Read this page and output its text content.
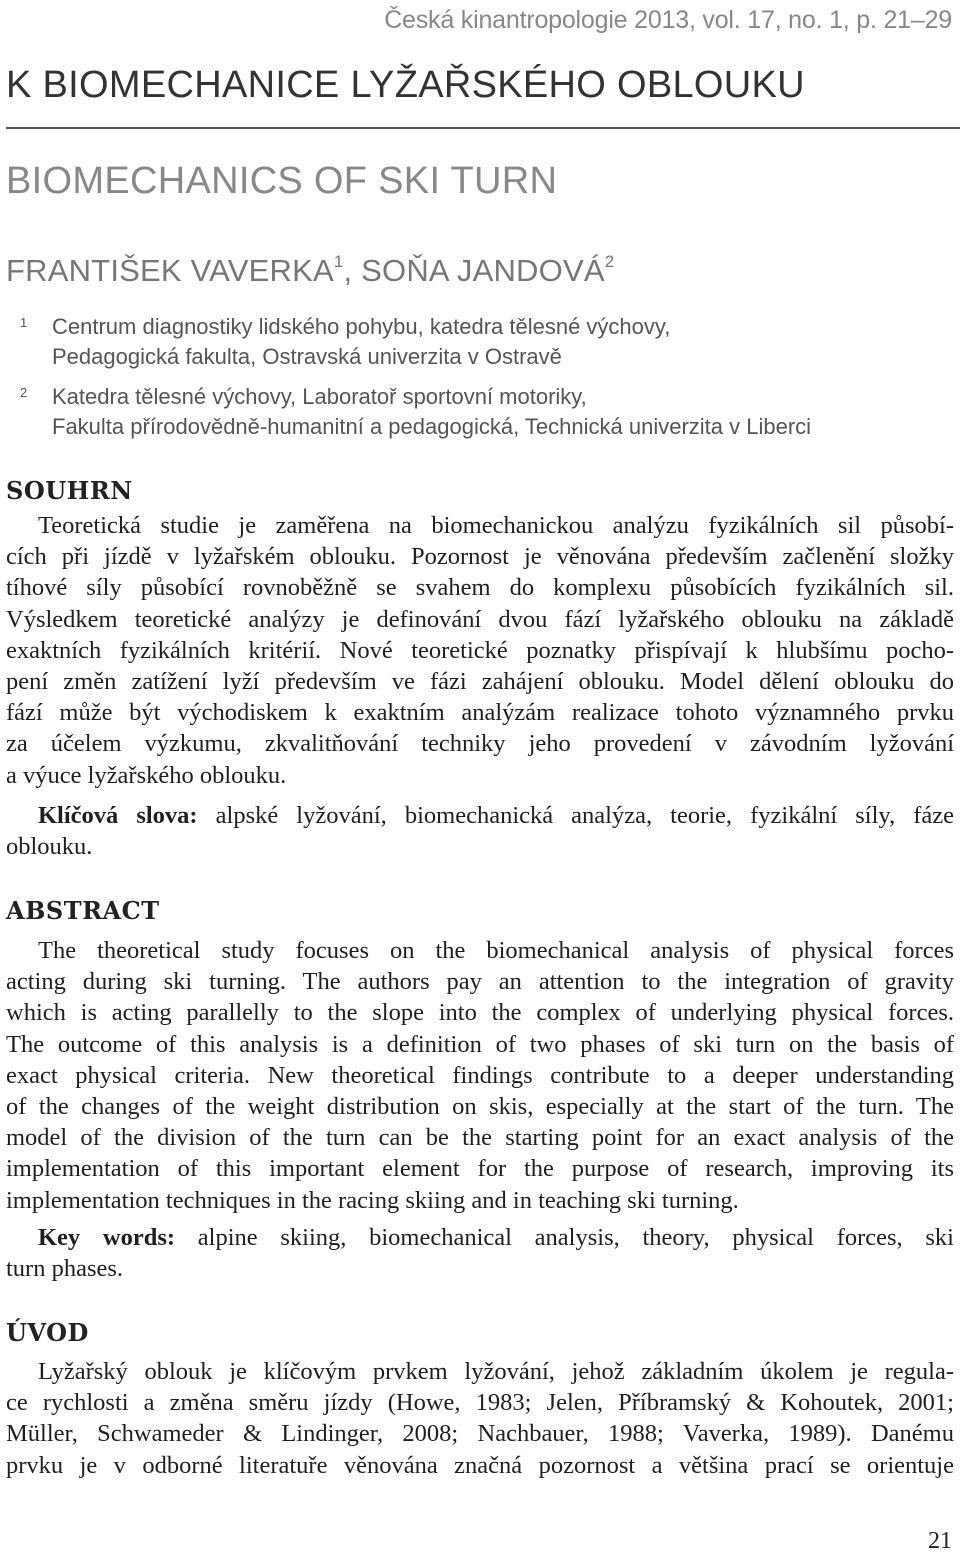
Česká kinantropologie 2013, vol. 17, no. 1, p. 21–29
K BIOMECHANICE LYŽAŘSKÉHO OBLOUKU
BIOMECHANICS OF SKI TURN
FRANTIŠEK VAVERKA$^1$, SOŇA JANDOVÁ$^2$
1	Centrum diagnostiky lidského pohybu, katedra tělesné výchovy,
Pedagogická fakulta, Ostravská univerzita v Ostravě
2	Katedra tělesné výchovy, Laboratoř sportovní motoriky,
Fakulta přírodovědně-humanitní a pedagogická, Technická univerzita v Liberci
SOUHRN
Teoretická studie je zaměřena na biomechanickou analýzu fyzikálních sil působí-
cích při jízdě v lyžařském oblouku. Pozornost je věnována především začlenění složky
tíhové síly působící rovnoběžně se svahem do komplexu působících fyzikálních sil.
Výsledkem teoretické analýzy je definování dvou fází lyžařského oblouku na základě
exaktních fyzikálních kritérií. Nové teoretické poznatky přispívají k hlubšímu pocho-
pení změn zatížení lyží především ve fázi zahájení oblouku. Model dělení oblouku do
fází může být východiskem k exaktním analýzám realizace tohoto významného prvku
za účelem výzkumu, zkvalitňování techniky jeho provedení v závodním lyžování
a výuce lyžařského oblouku.
Klíčová slova: alpské lyžování, biomechanická analýza, teorie, fyzikální síly, fáze
oblouku.
ABSTRACT
The theoretical study focuses on the biomechanical analysis of physical forces
acting during ski turning. The authors pay an attention to the integration of gravity
which is acting parallelly to the slope into the complex of underlying physical forces.
The outcome of this analysis is a definition of two phases of ski turn on the basis of
exact physical criteria. New theoretical findings contribute to a deeper understanding
of the changes of the weight distribution on skis, especially at the start of the turn. The
model of the division of the turn can be the starting point for an exact analysis of the
implementation of this important element for the purpose of research, improving its
implementation techniques in the racing skiing and in teaching ski turning.
Key words: alpine skiing, biomechanical analysis, theory, physical forces, ski
turn phases.
ÚVOD
Lyžařský oblouk je klíčovým prvkem lyžování, jehož základním úkolem je regula-
ce rychlosti a změna směru jízdy (Howe, 1983; Jelen, Příbramský & Kohoutek, 2001;
Müller, Schwameder & Lindinger, 2008; Nachbauer, 1988; Vaverka, 1989). Danému
prvku je v odborné literatuře věnována značná pozornost a většina prací se orientuje
21
